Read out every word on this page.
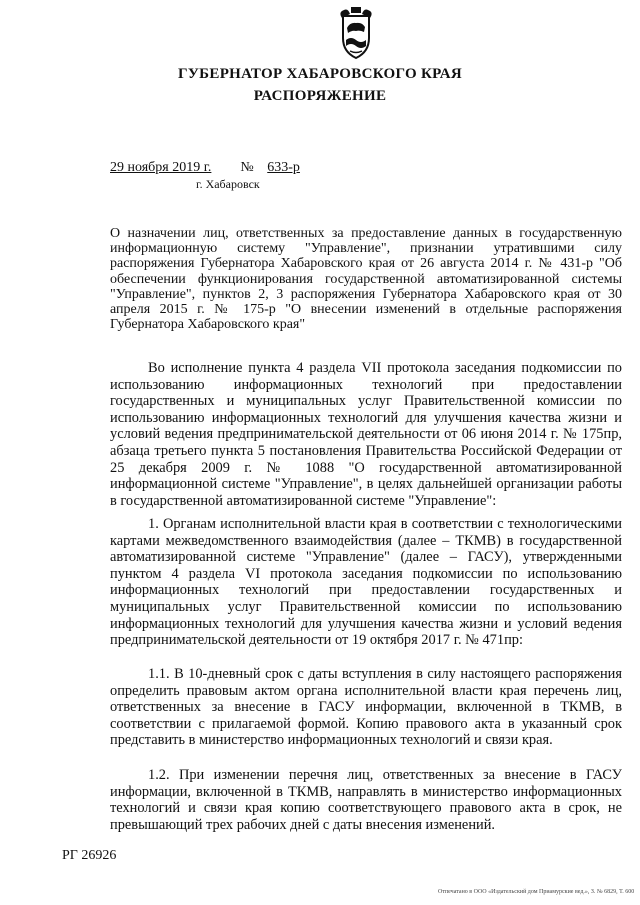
ГУБЕРНАТОР ХАБАРОВСКОГО КРАЯ
РАСПОРЯЖЕНИЕ
29 ноября 2019 г. № 633-р
г. Хабаровск

О назначении лиц, ответственных за предоставление данных в государственную информационную систему "Управление", признании утратившими силу распоряжения Губернатора Хабаровского края от 26 августа 2014 г. № 431-р "Об обеспечении функционирования государственной автоматизированной системы "Управление", пунктов 2, 3 распоряжения Губернатора Хабаровского края от 30 апреля 2015 г. № 175-р "О внесении изменений в отдельные распоряжения Губернатора Хабаровского края"

Во исполнение пункта 4 раздела VII протокола заседания подкомиссии по использованию информационных технологий при предоставлении государственных и муниципальных услуг Правительственной комиссии по использованию информационных технологий для улучшения качества жизни и условий ведения предпринимательской деятельности от 06 июня 2014 г. № 175пр, абзаца третьего пункта 5 постановления Правительства Российской Федерации от 25 декабря 2009 г. № 1088 "О государственной автоматизированной информационной системе "Управление", в целях дальнейшей организации работы в государственной автоматизированной системе "Управление":

1. Органам исполнительной власти края в соответствии с технологическими картами межведомственного взаимодействия (далее – ТКМВ) в государственной автоматизированной системе "Управление" (далее – ГАСУ), утвержденными пунктом 4 раздела VI протокола заседания подкомиссии по использованию информационных технологий при предоставлении государственных и муниципальных услуг Правительственной комиссии по использованию информационных технологий для улучшения качества жизни и условий ведения предпринимательской деятельности от 19 октября 2017 г. № 471пр:

1.1. В 10-дневный срок с даты вступления в силу настоящего распоряжения определить правовым актом органа исполнительной власти края перечень лиц, ответственных за внесение в ГАСУ информации, включенной в ТКМВ, в соответствии с прилагаемой формой. Копию правового акта в указанный срок представить в министерство информационных технологий и связи края.

1.2. При изменении перечня лиц, ответственных за внесение в ГАСУ информации, включенной в ТКМВ, направлять в министерство информационных технологий и связи края копию соответствующего правового акта в срок, не превышающий трех рабочих дней с даты внесения изменений.

РГ 26926
Отпечатано в ООО «Издательский дом Приамурские вед.», З. № 6829, Т. 600
